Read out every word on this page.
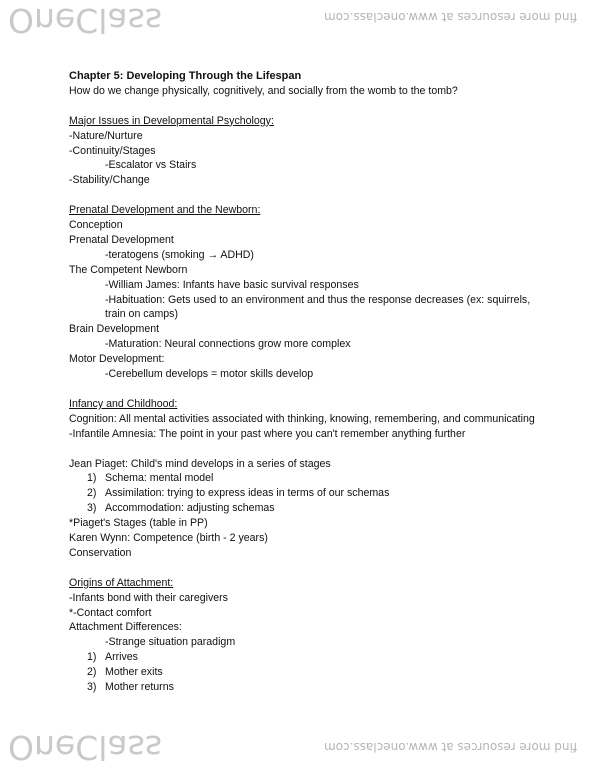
OneClass	find more resources at www.oneclass.com
Chapter 5: Developing Through the Lifespan
How do we change physically, cognitively, and socially from the womb to the tomb?
Major Issues in Developmental Psychology:
-Nature/Nurture
-Continuity/Stages
-Escalator vs Stairs
-Stability/Change
Prenatal Development and the Newborn:
Conception
Prenatal Development
-teratogens (smoking → ADHD)
The Competent Newborn
-William James: Infants have basic survival responses
-Habituation: Gets used to an environment and thus the response decreases (ex: squirrels, train on camps)
Brain Development
-Maturation: Neural connections grow more complex
Motor Development:
-Cerebellum develops = motor skills develop
Infancy and Childhood:
Cognition: All mental activities associated with thinking, knowing, remembering, and communicating
-Infantile Amnesia: The point in your past where you can't remember anything further
Jean Piaget: Child's mind develops in a series of stages
1) Schema: mental model
2) Assimilation: trying to express ideas in terms of our schemas
3) Accommodation: adjusting schemas
*Piaget's Stages (table in PP)
Karen Wynn: Competence (birth - 2 years)
Conservation
Origins of Attachment:
-Infants bond with their caregivers
*-Contact comfort
Attachment Differences:
-Strange situation paradigm
1) Arrives
2) Mother exits
3) Mother returns
OneClass	find more resources at www.oneclass.com
